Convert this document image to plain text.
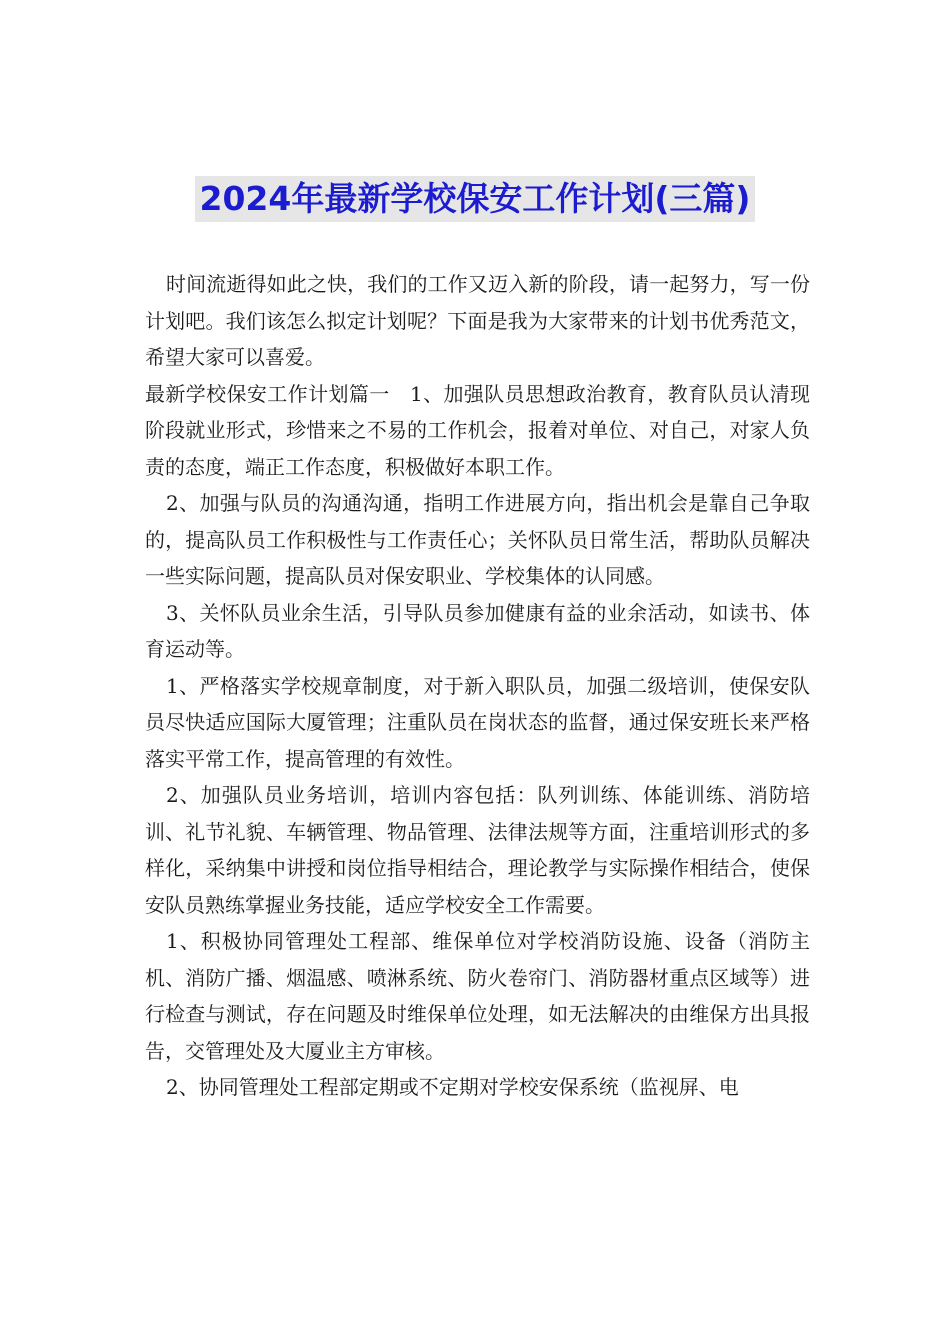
2024年最新学校保安工作计划(三篇)

时间流逝得如此之快，我们的工作又迈入新的阶段，请一起努力，写一份计划吧。我们该怎么拟定计划呢？下面是我为大家带来的计划书优秀范文，希望大家可以喜爱。

最新学校保安工作计划篇一　1、加强队员思想政治教育，教育队员认清现阶段就业形式，珍惜来之不易的工作机会，报着对单位、对自己，对家人负责的态度，端正工作态度，积极做好本职工作。

2、加强与队员的沟通沟通，指明工作进展方向，指出机会是靠自己争取的，提高队员工作积极性与工作责任心；关怀队员日常生活，帮助队员解决一些实际问题，提高队员对保安职业、学校集体的认同感。

3、关怀队员业余生活，引导队员参加健康有益的业余活动，如读书、体育运动等。

1、严格落实学校规章制度，对于新入职队员，加强二级培训，使保安队员尽快适应国际大厦管理；注重队员在岗状态的监督，通过保安班长来严格落实平常工作，提高管理的有效性。

2、加强队员业务培训，培训内容包括：队列训练、体能训练、消防培训、礼节礼貌、车辆管理、物品管理、法律法规等方面，注重培训形式的多样化，采纳集中讲授和岗位指导相结合，理论教学与实际操作相结合，使保安队员熟练掌握业务技能，适应学校安全工作需要。

1、积极协同管理处工程部、维保单位对学校消防设施、设备（消防主机、消防广播、烟温感、喷淋系统、防火卷帘门、消防器材重点区域等）进行检查与测试，存在问题及时维保单位处理，如无法解决的由维保方出具报告，交管理处及大厦业主方审核。

2、协同管理处工程部定期或不定期对学校安保系统（监视屏、电
